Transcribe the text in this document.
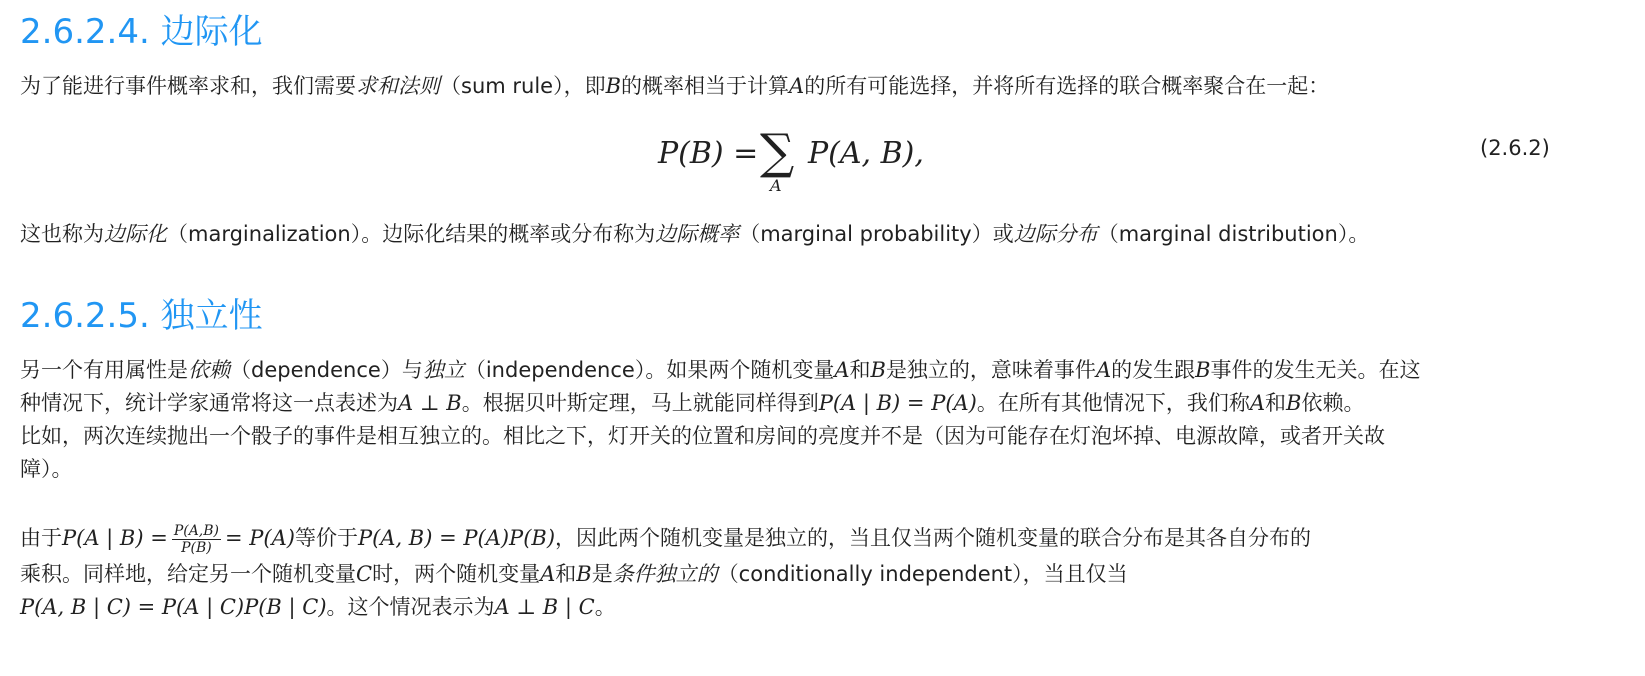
2.6.2.4. 边际化

为了能进行事件概率求和，我们需要求和法则（sum rule），即B的概率相当于计算A的所有可能选择，并将所有选择的联合概率聚合在一起：

P(B) = ∑
A
P(A, B),	(2.6.2)

这也称为边际化（marginalization）。边际化结果的概率或分布称为边际概率（marginal probability）或边际分布（marginal distribution）。

2.6.2.5. 独立性
另一个有用属性是依赖（dependence）与独立（independence）。如果两个随机变量A和B是独立的，意味着事件A的发生跟B事件的发生无关。在这
种情况下，统计学家通常将这一点表述为A ⊥ B。根据贝叶斯定理，马上就能同样得到P(A | B) = P(A)。在所有其他情况下，我们称A和B依赖。
比如，两次连续抛出一个骰子的事件是相互独立的。相比之下，灯开关的位置和房间的亮度并不是（因为可能存在灯泡坏掉、电源故障，或者开关故
障）。
由于P(A | $B) = \frac{P(A,B)}{P(B)} = P(A)$等价于P(A, B) = P(A)P(B)，因此两个随机变量是独立的，当且仅当两个随机变量的联合分布是其各自分布的
乘积。同样地，给定另一个随机变量C时，两个随机变量A和B是条件独立的（conditionally independent），当且仅当
P(A, B | C) = P(A | C)P(B | C)。这个情况表示为A ⊥ B | C。
